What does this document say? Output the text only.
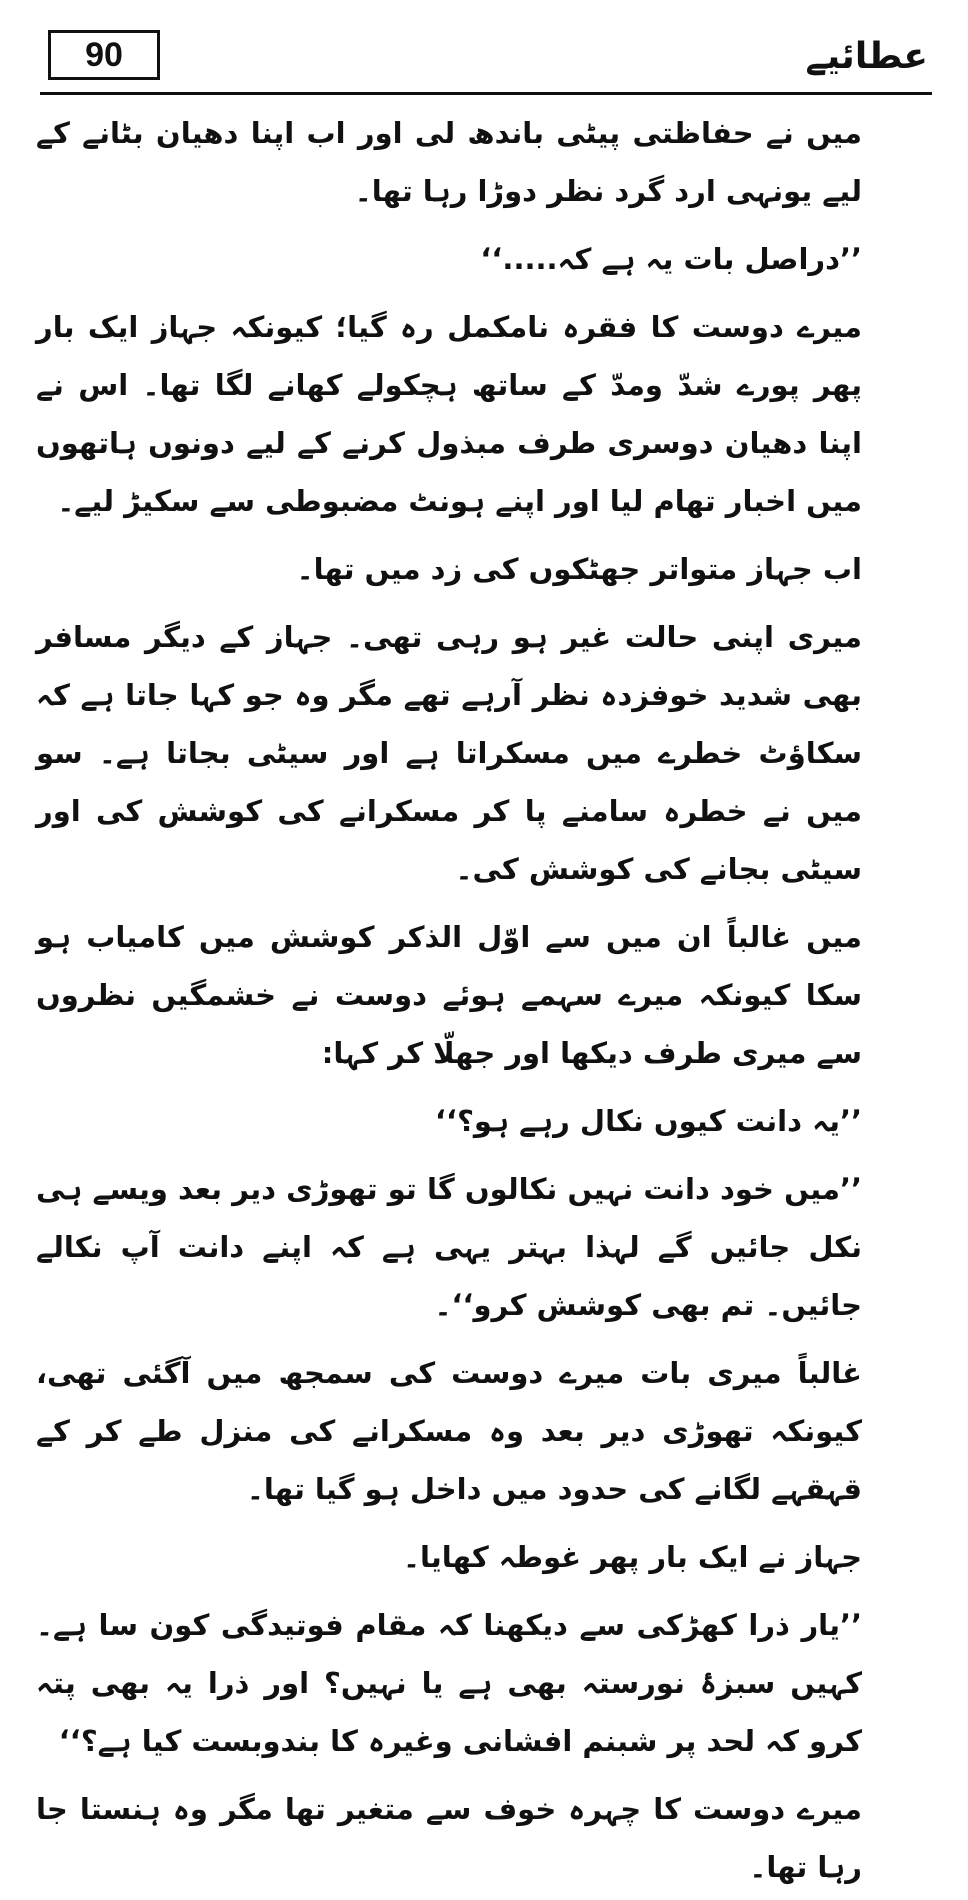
90	عطائیے

میں نے حفاظتی پیٹی باندھ لی اور اب اپنا دھیان بٹانے کے لیے یونہی ارد گرد نظر دوڑا رہا تھا۔

’’دراصل بات یہ ہے کہ.....‘‘

میرے دوست کا فقرہ نامکمل رہ گیا؛ کیونکہ جہاز ایک بار پھر پورے شدّ ومدّ کے ساتھ ہچکولے کھانے لگا تھا۔ اس نے اپنا دھیان دوسری طرف مبذول کرنے کے لیے دونوں ہاتھوں میں اخبار تھام لیا اور اپنے ہونٹ مضبوطی سے سکیڑ لیے۔

اب جہاز متواتر جھٹکوں کی زد میں تھا۔

میری اپنی حالت غیر ہو رہی تھی۔ جہاز کے دیگر مسافر بھی شدید خوفزدہ نظر آرہے تھے مگر وہ جو کہا جاتا ہے کہ سکاؤٹ خطرے میں مسکراتا ہے اور سیٹی بجاتا ہے۔ سو میں نے خطرہ سامنے پا کر مسکرانے کی کوشش کی اور سیٹی بجانے کی کوشش کی۔

میں غالباً ان میں سے اوّل الذکر کوشش میں کامیاب ہو سکا کیونکہ میرے سہمے ہوئے دوست نے خشمگیں نظروں سے میری طرف دیکھا اور جھلّا کر کہا:

’’یہ دانت کیوں نکال رہے ہو؟‘‘

’’میں خود دانت نہیں نکالوں گا تو تھوڑی دیر بعد ویسے ہی نکل جائیں گے لہذا بہتر یہی ہے کہ اپنے دانت آپ نکالے جائیں۔ تم بھی کوشش کرو‘‘۔

غالباً میری بات میرے دوست کی سمجھ میں آگئی تھی، کیونکہ تھوڑی دیر بعد وہ مسکرانے کی منزل طے کر کے قہقہے لگانے کی حدود میں داخل ہو گیا تھا۔

جہاز نے ایک بار پھر غوطہ کھایا۔

’’یار ذرا کھڑکی سے دیکھنا کہ مقام فوتیدگی کون سا ہے۔ کہیں سبزۂ نورستہ بھی ہے یا نہیں؟ اور ذرا یہ بھی پتہ کرو کہ لحد پر شبنم افشانی وغیرہ کا بندوبست کیا ہے؟‘‘

میرے دوست کا چہرہ خوف سے متغیر تھا مگر وہ ہنستا جا رہا تھا۔
